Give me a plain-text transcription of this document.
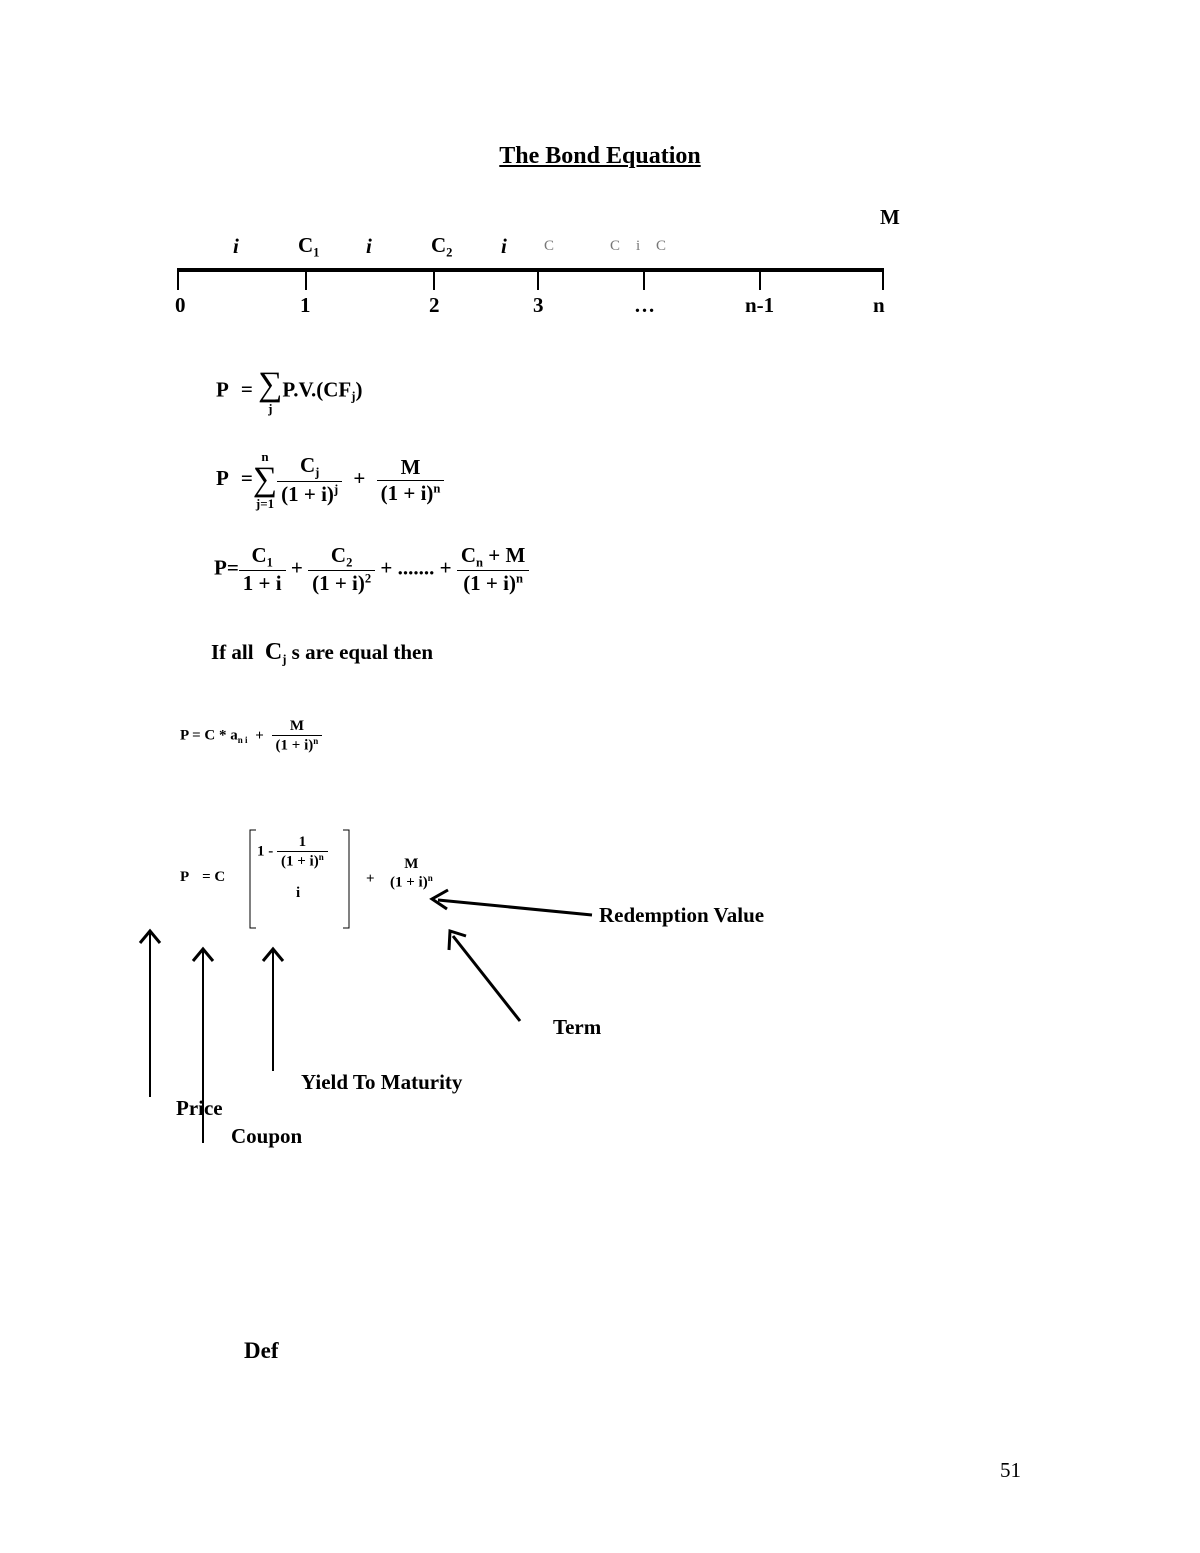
The Bond Equation
M
i	$C_1$ i	$C_2$ i C	C i C
0	1	2	3	…	n-1	n
P = ∑
j
$P.V.(CF_j)$
P =
n
∑
$j=1 \frac{C_j}{(1 + i)^j} + \frac{M}{(1 + i)^n}$
$P= \frac{C_1}{1 + i} + \frac{C_2}{(1 + i)^2}$ + ....... + $\frac{C_n + M}{(1 + i)^n}$
If all $C_j$ s are equal then
$P = C * a_{n i} + \frac{M}{(1 + i)^n}$
P = C
$1 - \frac{1}{(1 + i)^n}$
i
+
M
$(1 + i)^n$
Redemption Value
Term
Yield To Maturity
Price
Coupon
Def
51
